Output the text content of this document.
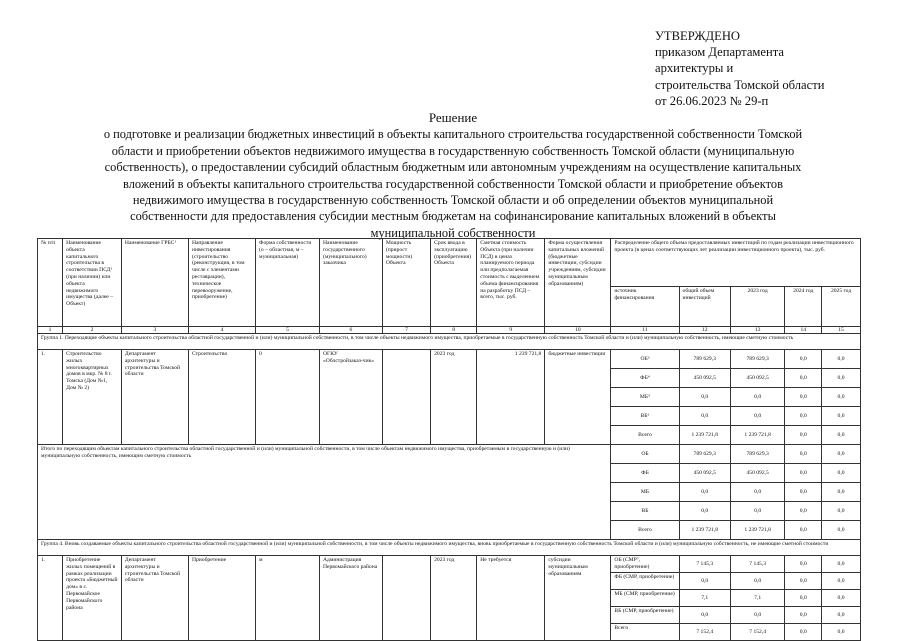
УТВЕРЖДЕНО
приказом Департамента
архитектуры и
строительства Томской области
от 26.06.2023 № 29-п
Решение
о подготовке и реализации бюджетных инвестиций в объекты капитального строительства государственной собственности Томской
области и приобретении объектов недвижимого имущества в государственную собственность Томской области (муниципальную
собственность), о предоставлении субсидий областным бюджетным или автономным учреждениям на осуществление капитальных
вложений в объекты капитального строительства государственной собственности Томской области и приобретение объектов
недвижимого имущества в государственную собственность Томской области и об определении объектов муниципальной
собственности для предоставления субсидии местным бюджетам на софинансирование капитальных вложений в объекты
муниципальной собственности
№ п/п	Наименование объекта капитального строительства в соответствии ПСД¹ (при наличии) или объекта недвижимого имущества (далее – Объект)	Наименование ГРБС²	Направление инвестирования (строительство (реконструкция, в том числе с элементами реставрации), техническое перевооружение, приобретение)	Форма собственности (о – областная, м – муниципальная)	Наименование государственного (муниципального) заказчика	Мощность (прирост мощности) Объекта	Срок ввода в эксплуатацию (приобретения) Объекта	Сметная стоимость Объекта (при наличии ПСД) в ценах планируемого периода или предполагаемая стоимость с выделением объема финансирования на разработку ПСД – всего, тыс. руб.	Форма осуществления капитальных вложений (бюджетные инвестиции, субсидии учреждениям, субсидии муниципальным образованиям)	Распределение общего объема предоставляемых инвестиций по годам реализации инвестиционного проекта (в ценах соответствующих лет реализации инвестиционного проекта), тыс. руб.				
										источник финансирования	общий объем инвестиций	2023 год	2024 год	2025 год
1	2	3	4	5	6	7	8	9	10	11	12	13	14	15
Группа 1. Переходящие объекты капитального строительства областной государственной и (или) муниципальной собственности, в том числе объекты недвижимого имущества, приобретаемые в государственную собственность Томской области и (или) муниципальную собственность, имеющие сметную стоимость														
1.	Строительство жилых многоквартирных домов в мкр. № 8 г. Томска (Дом №1, Дом № 2)	Департамент архитектуры и строительства Томской области	Строительство	0	ОГКУ «Облстройзаказ-чик»		2023 год	1 239 721,8	бюджетные инвестиции	ОБ³	789 629,3	789 629,3	0,0	0,0
										ФБ⁴	450 092,5	450 092,5	0,0	0,0
										МБ⁵	0,0	0,0	0,0	0,0
										ВБ⁶	0,0	0,0	0,0	0,0
										Всего	1 239 721,8	1 239 721,8	0,0	0,0
Итого по переходящим объектам капитального строительства областной государственной и (или) муниципальной собственности, в том числе объектам недвижимого имущества, приобретаемым в государственную и (или) муниципальную собственность, имеющим сметную стоимость										ОБ	789 629,3	789 629,3	0,0	0,0
										ФБ	450 092,5	450 092,5	0,0	0,0
										МБ	0,0	0,0	0,0	0,0
										ВБ	0,0	0,0	0,0	0,0
										Всего	1 239 721,8	1 239 721,8	0,0	0,0
Группа 4. Вновь создаваемые объекты капитального строительства областной государственной и (или) муниципальной собственности, в том числе объекты недвижимого имущества, вновь приобретаемые в государственную собственность Томской области и (или) муниципальную собственность, не имеющие сметной стоимости														
1.	Приобретение жилых помещений в рамках реализации проекта «Бюджетный дом» в с. Первомайское Первомайского района	Департамент архитектуры и строительства Томской области	Приобретение	м	Администрация Первомайского района		2023 год	Не требуется	субсидии муниципальным образованиям	ОБ (СМР⁷, приобретение)	7 145,3	7 145,3	0,0	0,0
										ФБ (СМР, приобретение)	0,0	0,0	0,0	0,0
										МБ (СМР, приобретение)	7,1	7,1	0,0	0,0
										ВБ (СМР, приобретение)	0,0	0,0	0,0	0,0
										Всего	7 152,4	7 152,4	0,0	0,0
